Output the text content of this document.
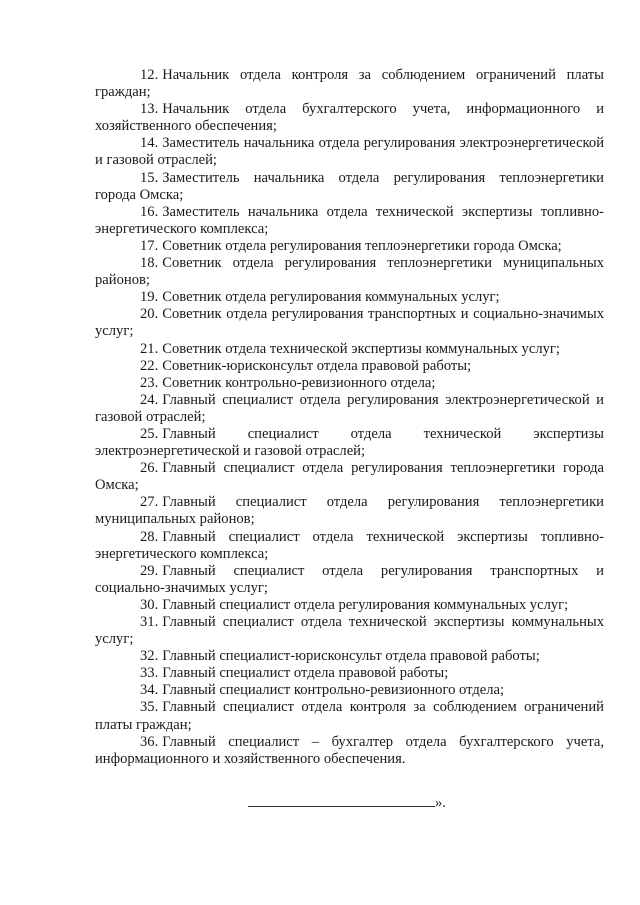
12. Начальник отдела контроля за соблюдением ограничений платы граждан;

13. Начальник отдела бухгалтерского учета, информационного и хозяйственного обеспечения;

14. Заместитель начальника отдела регулирования электроэнергетической и газовой отраслей;

15. Заместитель начальника отдела регулирования теплоэнергетики города Омска;

16. Заместитель начальника отдела технической экспертизы топливно-энергетического комплекса;

17. Советник отдела регулирования теплоэнергетики города Омска;

18. Советник отдела регулирования теплоэнергетики муниципальных районов;

19. Советник отдела регулирования коммунальных услуг;

20. Советник отдела регулирования транспортных и социально-значимых услуг;

21. Советник отдела технической экспертизы коммунальных услуг;

22. Советник-юрисконсульт отдела правовой работы;

23. Советник контрольно-ревизионного отдела;

24. Главный специалист отдела регулирования электроэнергетической и газовой отраслей;

25. Главный специалист отдела технической экспертизы электроэнергетической и газовой отраслей;

26. Главный специалист отдела регулирования теплоэнергетики города Омска;

27. Главный специалист отдела регулирования теплоэнергетики муниципальных районов;

28. Главный специалист отдела технической экспертизы топливно-энергетического комплекса;

29. Главный специалист отдела регулирования транспортных и социально-значимых услуг;

30. Главный специалист отдела регулирования коммунальных услуг;

31. Главный специалист отдела технической экспертизы коммунальных услуг;

32. Главный специалист-юрисконсульт отдела правовой работы;

33. Главный специалист отдела правовой работы;

34. Главный специалист контрольно-ревизионного отдела;

35. Главный специалист отдела контроля за соблюдением ограничений платы граждан;

36. Главный специалист – бухгалтер отдела бухгалтерского учета, информационного и хозяйственного обеспечения.

».
